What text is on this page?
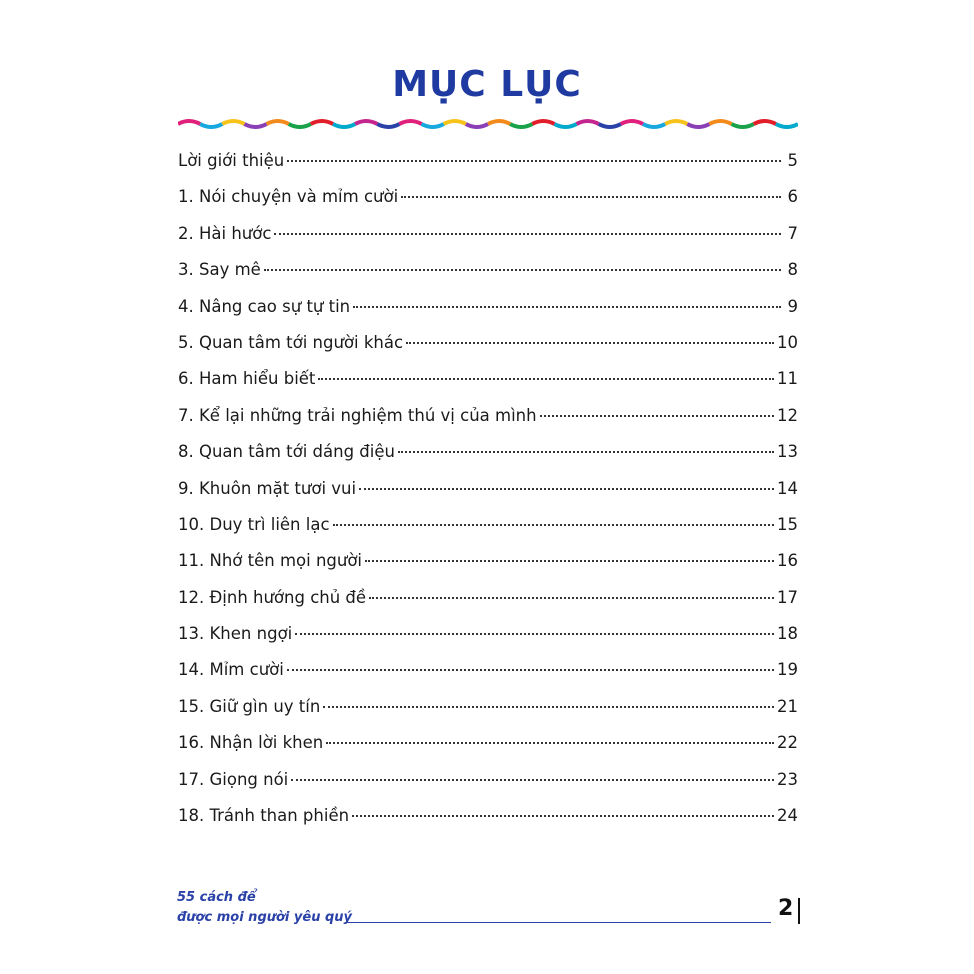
MỤC LỤC
Lời giới thiệu	5
1. Nói chuyện và mỉm cười	6
2. Hài hước	7
3. Say mê	8
4. Nâng cao sự tự tin	9
5. Quan tâm tới người khác	10
6. Ham hiểu biết	11
7. Kể lại những trải nghiệm thú vị của mình	12
8. Quan tâm tới dáng điệu	13
9. Khuôn mặt tươi vui	14
10. Duy trì liên lạc	15
11. Nhớ tên mọi người	16
12. Định hướng chủ đề	17
13. Khen ngợi	18
14. Mỉm cười	19
15. Giữ gìn uy tín	21
16. Nhận lời khen	22
17. Giọng nói	23
18. Tránh than phiền	24
55 cách để
được mọi người yêu quý	2
